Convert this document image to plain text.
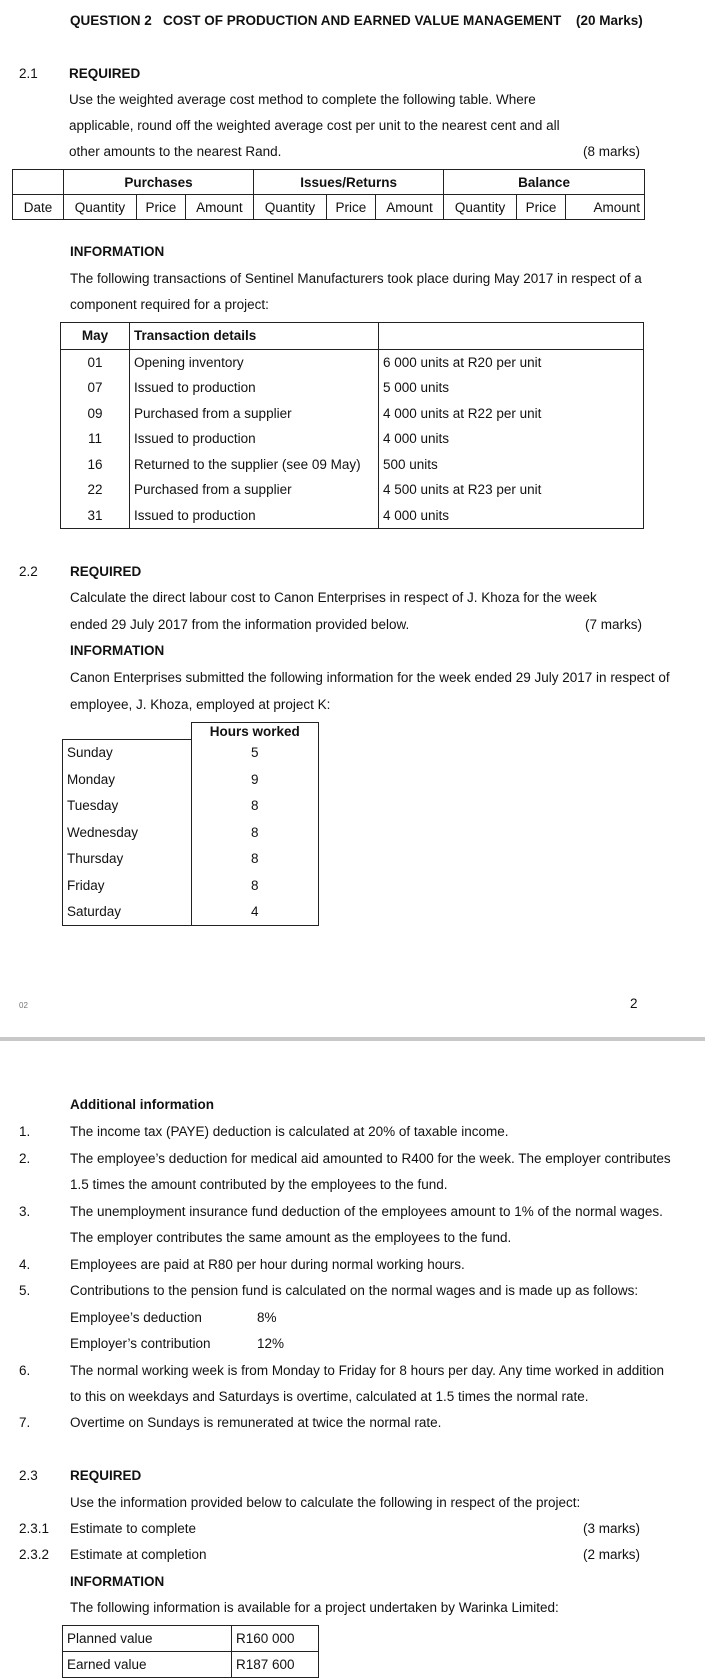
QUESTION 2 COST OF PRODUCTION AND EARNED VALUE MANAGEMENT (20 Marks)
2.1 REQUIRED
Use the weighted average cost method to complete the following table. Where
applicable, round off the weighted average cost per unit to the nearest cent and all
other amounts to the nearest Rand.	(8 marks)
	Purchases			Issues/Returns			Balance		
Date	Quantity	Price	Amount	Quantity	Price	Amount	Quantity	Price	Amount
INFORMATION
The following transactions of Sentinel Manufacturers took place during May 2017 in respect of a
component required for a project:
May	Transaction details	
01	Opening inventory	6 000 units at R20 per unit
07	Issued to production	5 000 units
09	Purchased from a supplier	4 000 units at R22 per unit
11	Issued to production	4 000 units
16	Returned to the supplier (see 09 May)	500 units
22	Purchased from a supplier	4 500 units at R23 per unit
31	Issued to production	4 000 units
2.2 REQUIRED
Calculate the direct labour cost to Canon Enterprises in respect of J. Khoza for the week
ended 29 July 2017 from the information provided below.	(7 marks)
INFORMATION
Canon Enterprises submitted the following information for the week ended 29 July 2017 in respect of
employee, J. Khoza, employed at project K:
	Hours worked
Sunday	5
Monday	9
Tuesday	8
Wednesday	8
Thursday	8
Friday	8
Saturday	4
02	2
Additional information
1.	The income tax (PAYE) deduction is calculated at 20% of taxable income.
2.	The employee’s deduction for medical aid amounted to R400 for the week. The employer contributes
1.5 times the amount contributed by the employees to the fund.
3.	The unemployment insurance fund deduction of the employees amount to 1% of the normal wages.
The employer contributes the same amount as the employees to the fund.
4.	Employees are paid at R80 per hour during normal working hours.
5.	Contributions to the pension fund is calculated on the normal wages and is made up as follows:
Employee’s deduction	8%
Employer’s contribution	12%
6.	The normal working week is from Monday to Friday for 8 hours per day. Any time worked in addition
to this on weekdays and Saturdays is overtime, calculated at 1.5 times the normal rate.
7.	Overtime on Sundays is remunerated at twice the normal rate.
2.3 REQUIRED
Use the information provided below to calculate the following in respect of the project:
2.3.1 Estimate to complete	(3 marks)
2.3.2 Estimate at completion	(2 marks)
INFORMATION
The following information is available for a project undertaken by Warinka Limited:
Planned value	R160 000
Earned value	R187 600
